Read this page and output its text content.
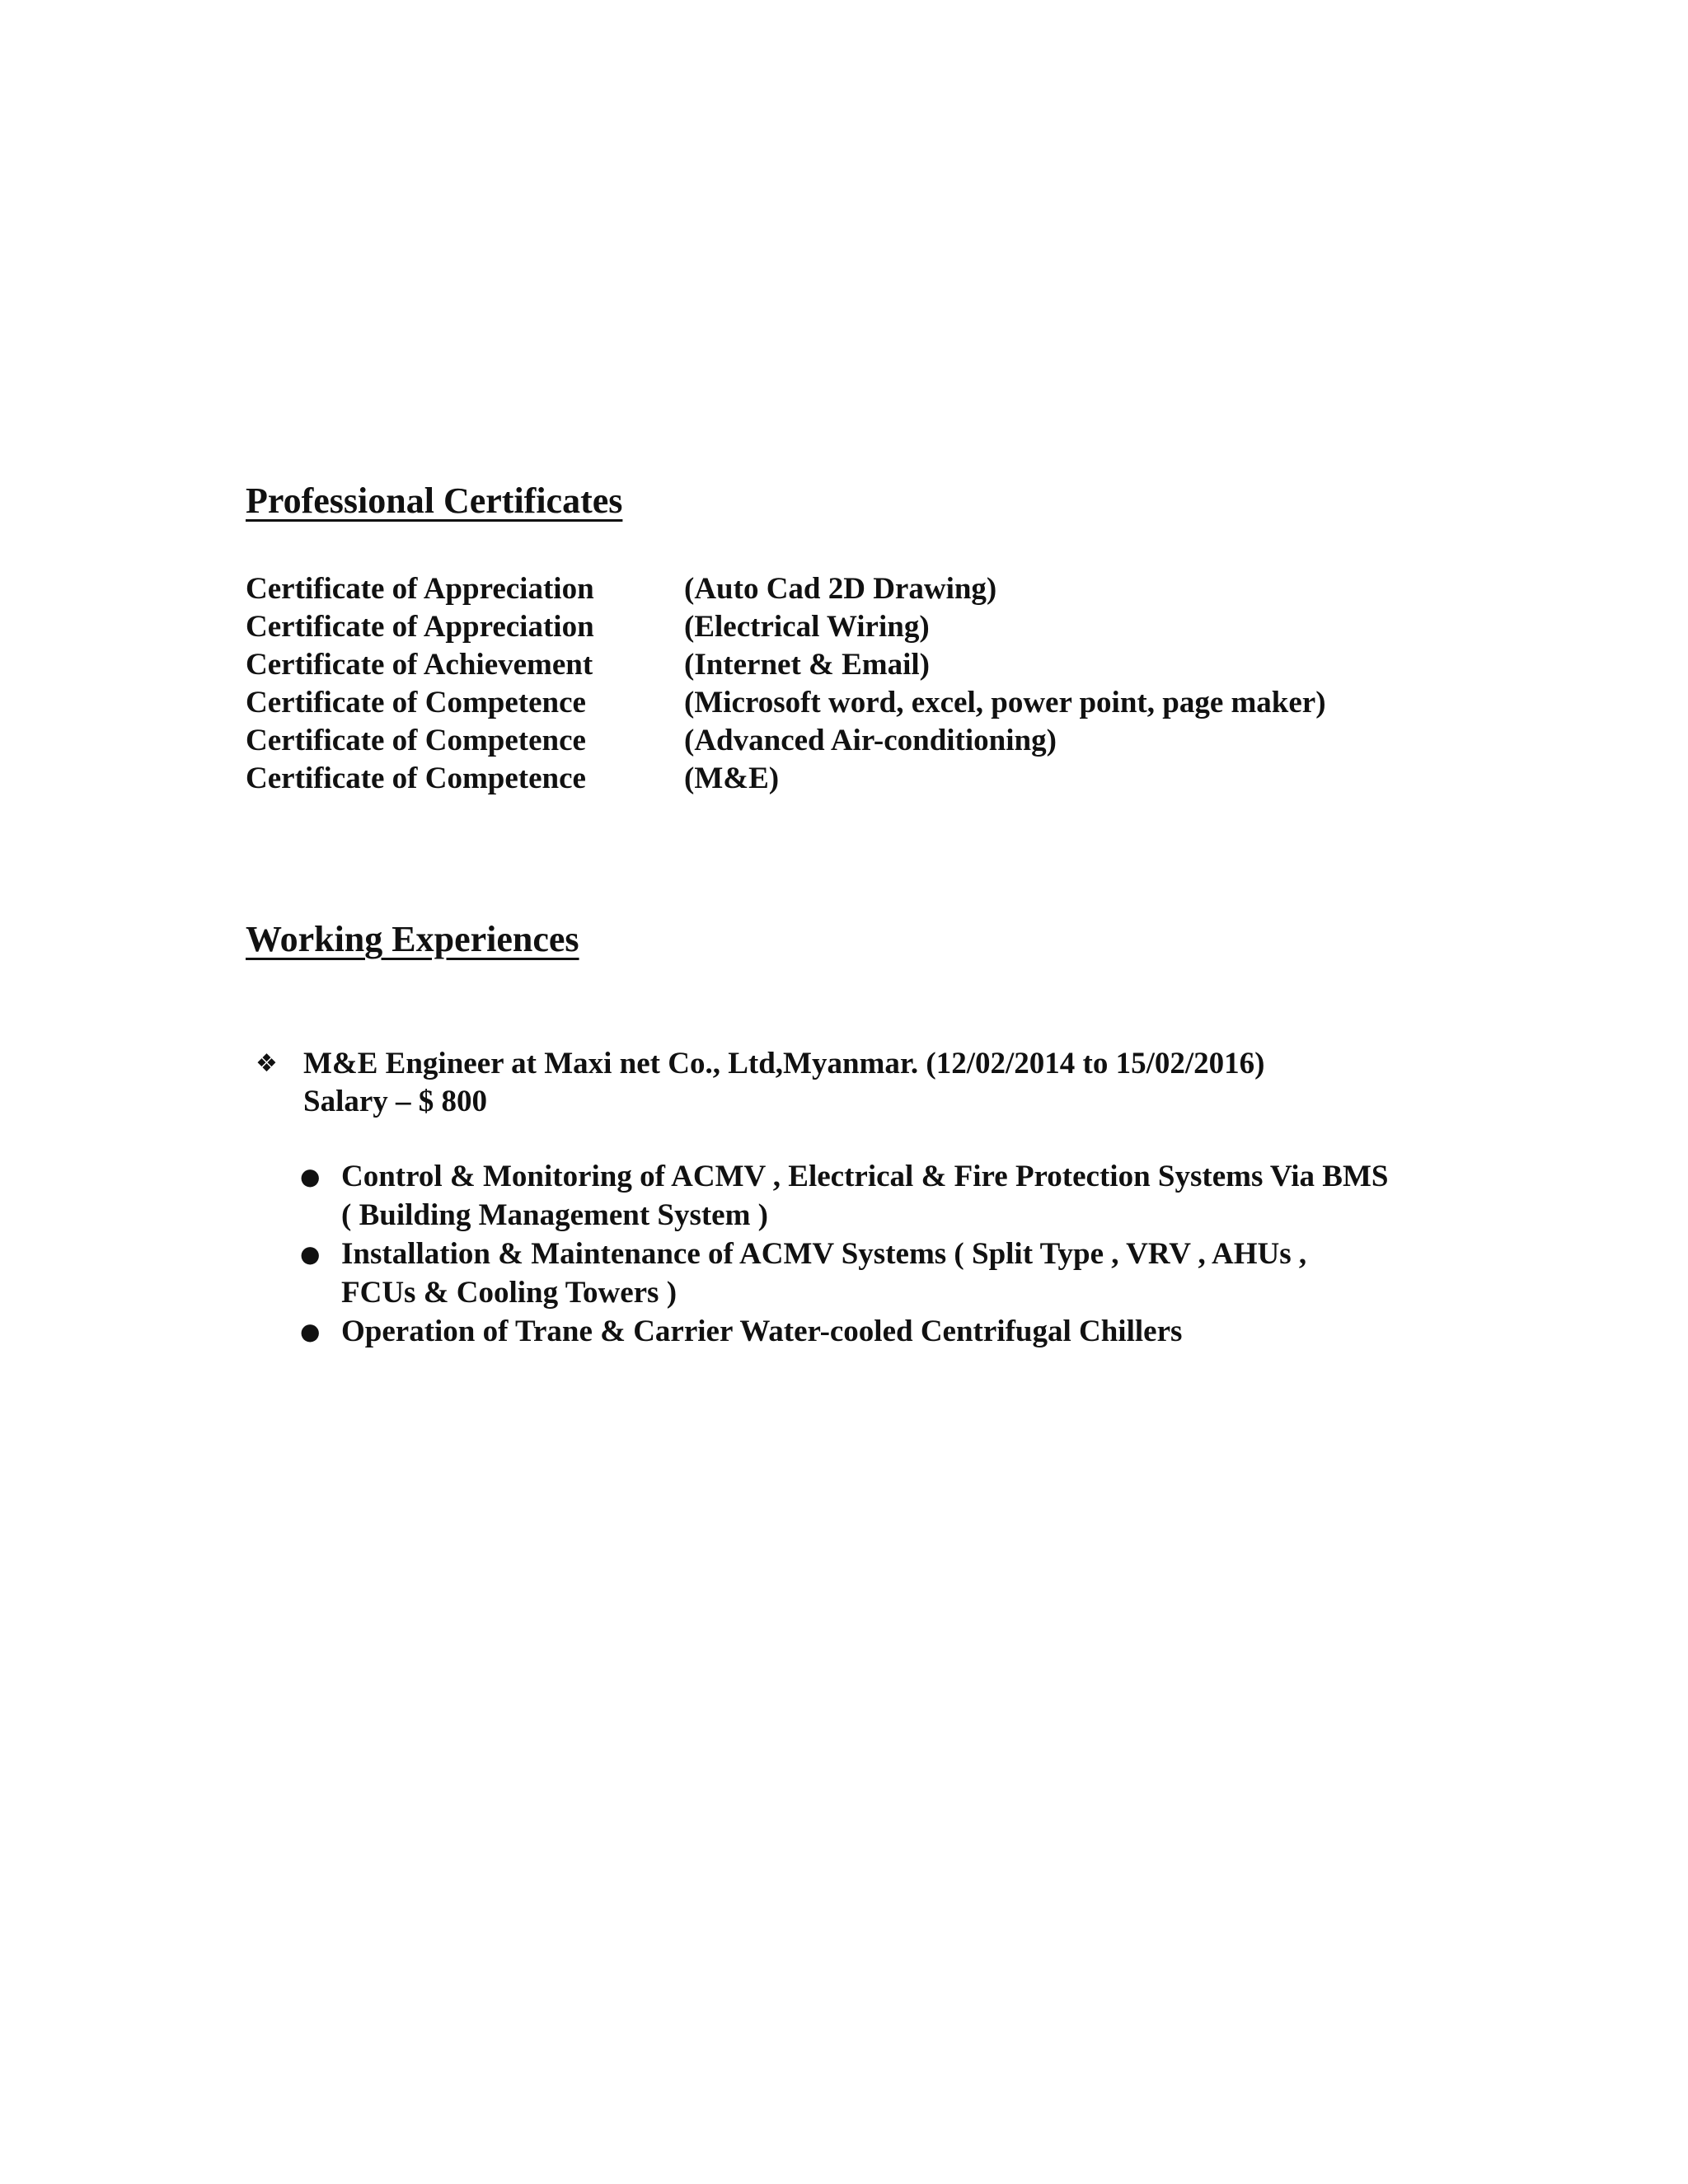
Professional Certificates
Certificate of Appreciation	(Auto Cad 2D Drawing)
Certificate of Appreciation	(Electrical Wiring)
Certificate of Achievement	(Internet & Email)
Certificate of Competence	(Microsoft word, excel, power point, page maker)
Certificate of Competence	(Advanced Air-conditioning)
Certificate of Competence	(M&E)
Working Experiences
❖ M&E Engineer at Maxi net Co., Ltd,Myanmar. (12/02/2014 to 15/02/2016)
Salary – $ 800
● Control & Monitoring of ACMV , Electrical & Fire Protection Systems Via BMS
( Building Management System )
● Installation & Maintenance of ACMV Systems ( Split Type , VRV , AHUs ,
FCUs & Cooling Towers )
● Operation of Trane & Carrier Water-cooled Centrifugal Chillers
